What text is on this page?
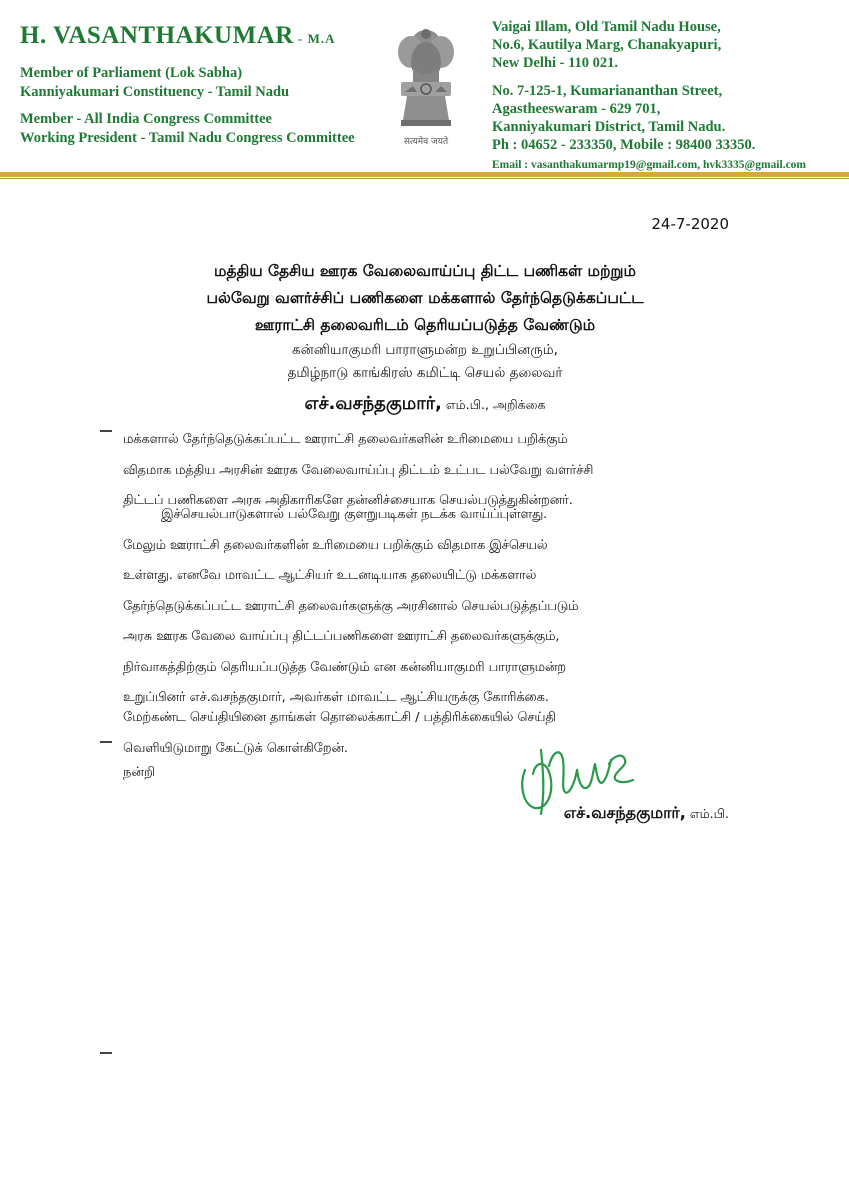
H. VASANTHAKUMAR - M.A
Member of Parliament (Lok Sabha)
Kanniyakumari Constituency - Tamil Nadu
Member - All India Congress Committee
Working President - Tamil Nadu Congress Committee	सत्यमेव जयते
Vaigai Illam, Old Tamil Nadu House,
No.6, Kautilya Marg, Chanakyapuri,
New Delhi - 110 021.
No. 7-125-1, Kumariananthan Street,
Agastheeswaram - 629 701,
Kanniyakumari District, Tamil Nadu.
Ph : 04652 - 233350, Mobile : 98400 33350.
Email : vasanthakumarmp19@gmail.com, hvk3335@gmail.com
24-7-2020
மத்திய தேசிய ஊரக வேலைவாய்ப்பு திட்ட பணிகள் மற்றும்
பல்வேறு வளர்ச்சிப் பணிகளை மக்களால் தேர்ந்தெடுக்கப்பட்ட
ஊராட்சி தலைவரிடம் தெரியப்படுத்த வேண்டும்
கன்னியாகுமரி பாராளுமன்ற உறுப்பினரும்,
தமிழ்நாடு காங்கிரஸ் கமிட்டி செயல் தலைவர்
எச்.வசந்தகுமார், எம்.பி., அறிக்கை
மக்களால் தேர்ந்தெடுக்கப்பட்ட ஊராட்சி தலைவர்களின் உரிமையை பறிக்கும்
விதமாக மத்திய அரசின் ஊரக வேலைவாய்ப்பு திட்டம் உட்பட பல்வேறு வளர்ச்சி
திட்டப் பணிகளை அரசு அதிகாரிகளே தன்னிச்சையாக செயல்படுத்துகின்றனர்.
இச்செயல்பாடுகளால் பல்வேறு குளறுபடிகள் நடக்க வாய்ப்புள்ளது.
மேலும் ஊராட்சி தலைவர்களின் உரிமையை பறிக்கும் விதமாக இச்செயல்
உள்ளது. எனவே மாவட்ட ஆட்சியர் உடனடியாக தலையிட்டு மக்களால்
தேர்ந்தெடுக்கப்பட்ட ஊராட்சி தலைவர்களுக்கு அரசினால் செயல்படுத்தப்படும்
அரசு ஊரக வேலை வாய்ப்பு திட்டப்பணிகளை ஊராட்சி தலைவர்களுக்கும்,
நிர்வாகத்திற்கும் தெரியப்படுத்த வேண்டும் என கன்னியாகுமரி பாராளுமன்ற
உறுப்பினர் எச்.வசந்தகுமார், அவர்கள் மாவட்ட ஆட்சியருக்கு கோரிக்கை.
மேற்கண்ட செய்தியினை தாங்கள் தொலைக்காட்சி / பத்திரிக்கையில் செய்தி
வெளியிடுமாறு கேட்டுக் கொள்கிறேன்.
நன்றி
எச்.வசந்தகுமார், எம்.பி.
